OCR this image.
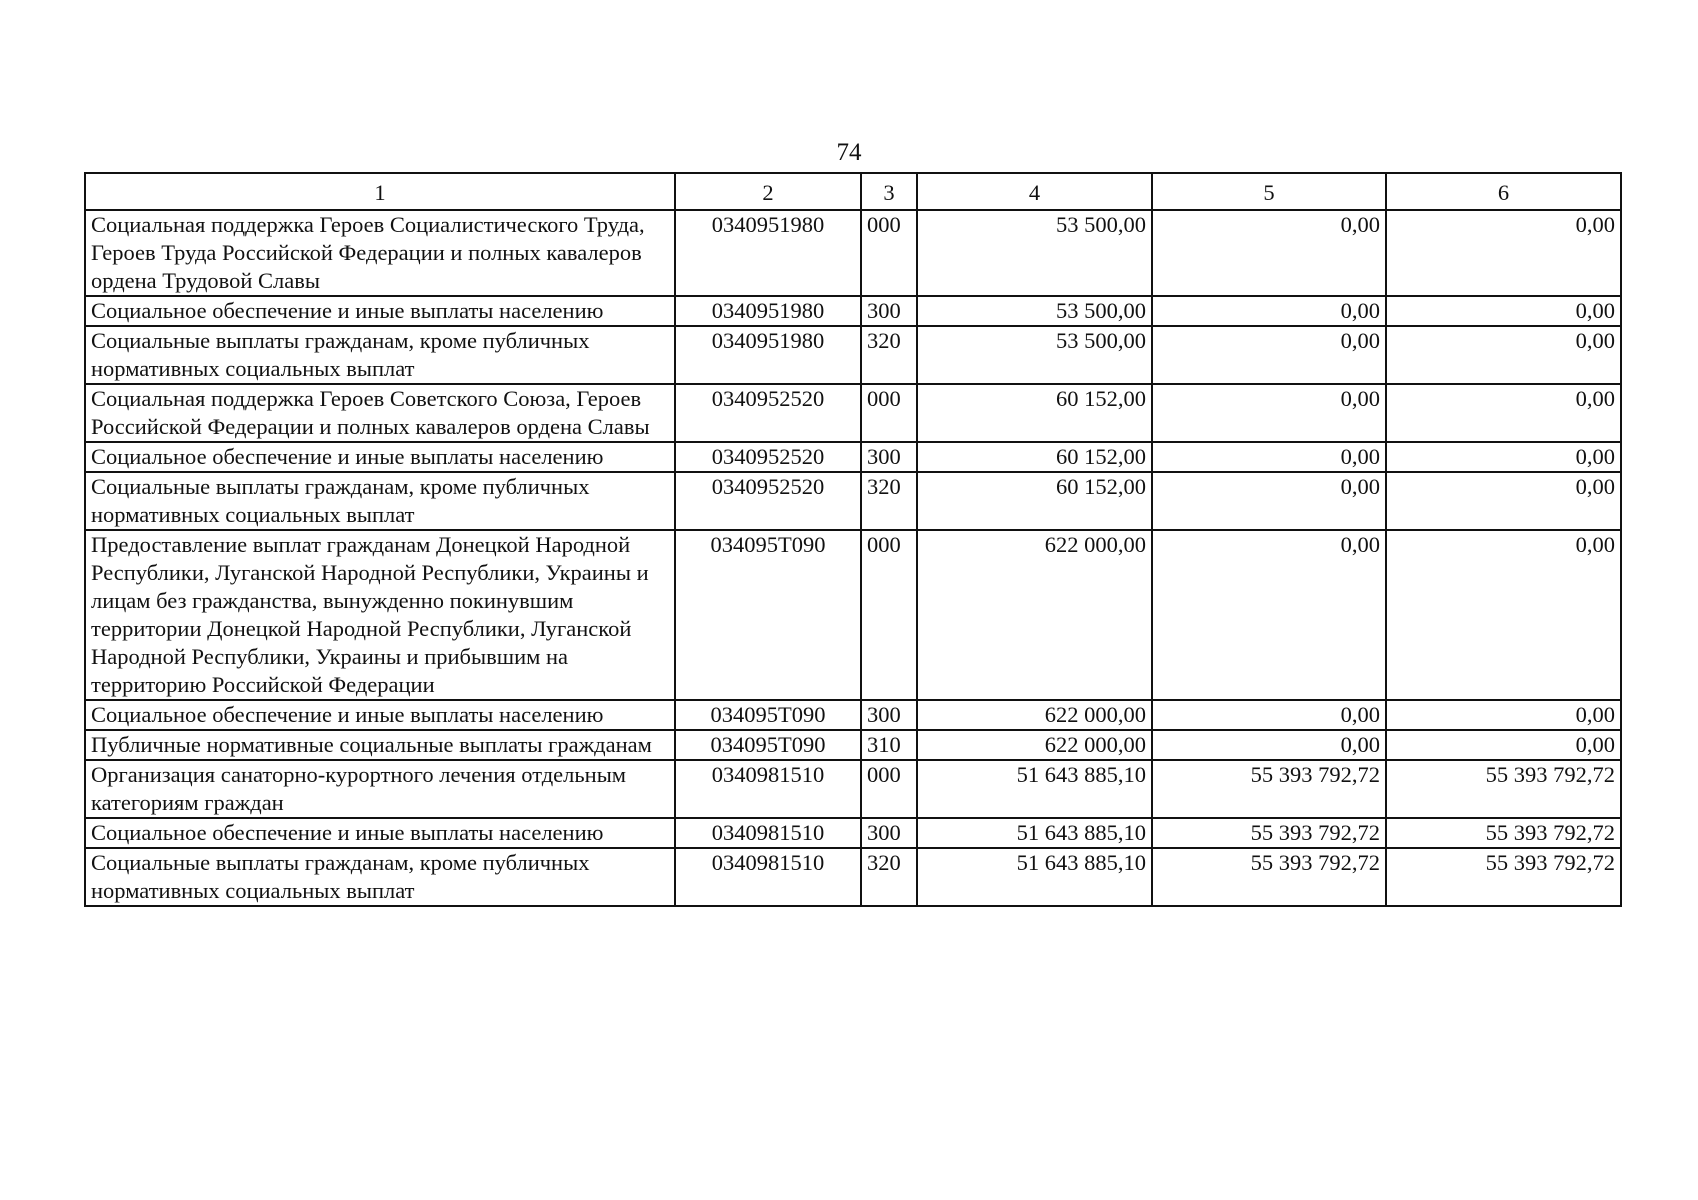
74
1	2	3	4	5	6
Социальная поддержка Героев Социалистического Труда, Героев Труда Российской Федерации и полных кавалеров ордена Трудовой Славы	0340951980	000	53 500,00	0,00	0,00
Социальное обеспечение и иные выплаты населению	0340951980	300	53 500,00	0,00	0,00
Социальные выплаты гражданам, кроме публичных нормативных социальных выплат	0340951980	320	53 500,00	0,00	0,00
Социальная поддержка Героев Советского Союза, Героев Российской Федерации и полных кавалеров ордена Славы	0340952520	000	60 152,00	0,00	0,00
Социальное обеспечение и иные выплаты населению	0340952520	300	60 152,00	0,00	0,00
Социальные выплаты гражданам, кроме публичных нормативных социальных выплат	0340952520	320	60 152,00	0,00	0,00
Предоставление выплат гражданам Донецкой Народной Республики, Луганской Народной Республики, Украины и лицам без гражданства, вынужденно покинувшим территории Донецкой Народной Республики, Луганской Народной Республики, Украины и прибывшим на территорию Российской Федерации	034095T090	000	622 000,00	0,00	0,00
Социальное обеспечение и иные выплаты населению	034095T090	300	622 000,00	0,00	0,00
Публичные нормативные социальные выплаты гражданам	034095T090	310	622 000,00	0,00	0,00
Организация санаторно-курортного лечения отдельным категориям граждан	0340981510	000	51 643 885,10	55 393 792,72	55 393 792,72
Социальное обеспечение и иные выплаты населению	0340981510	300	51 643 885,10	55 393 792,72	55 393 792,72
Социальные выплаты гражданам, кроме публичных нормативных социальных выплат	0340981510	320	51 643 885,10	55 393 792,72	55 393 792,72
